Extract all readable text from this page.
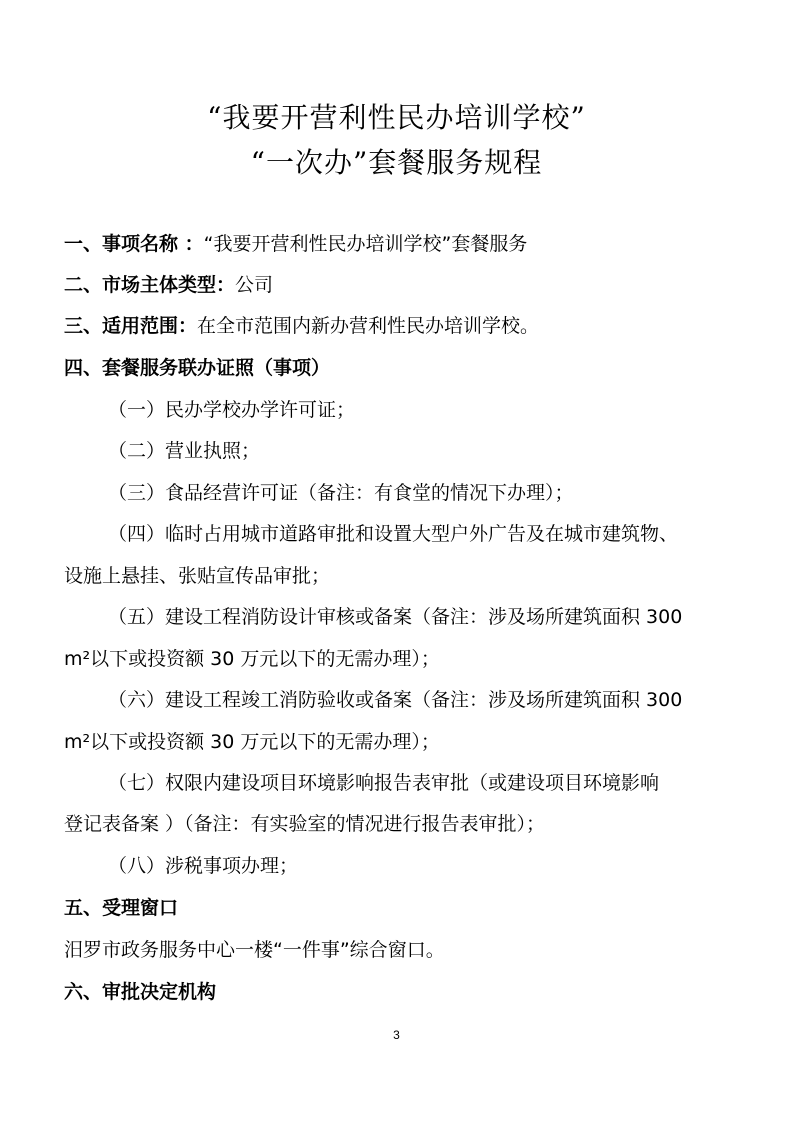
“我要开营利性民办培训学校”
“一次办”套餐服务规程
一、事项名称 ：“我要开营利性民办培训学校”套餐服务
二、市场主体类型：公司
三、适用范围：在全市范围内新办营利性民办培训学校。
四、套餐服务联办证照（事项）
（一）民办学校办学许可证；
（二）营业执照；
（三）食品经营许可证（备注：有食堂的情况下办理）；
（四）临时占用城市道路审批和设置大型户外广告及在城市建筑物、
设施上悬挂、张贴宣传品审批；
（五）建设工程消防设计审核或备案（备注：涉及场所建筑面积 300
m²以下或投资额 30 万元以下的无需办理）；
（六）建设工程竣工消防验收或备案（备注：涉及场所建筑面积 300
m²以下或投资额 30 万元以下的无需办理）；
（七）权限内建设项目环境影响报告表审批（或建设项目环境影响
登记表备案 ）（备注：有实验室的情况进行报告表审批）；
（八）涉税事项办理；
五、受理窗口
汨罗市政务服务中心一楼“一件事”综合窗口。
六、审批决定机构
3
